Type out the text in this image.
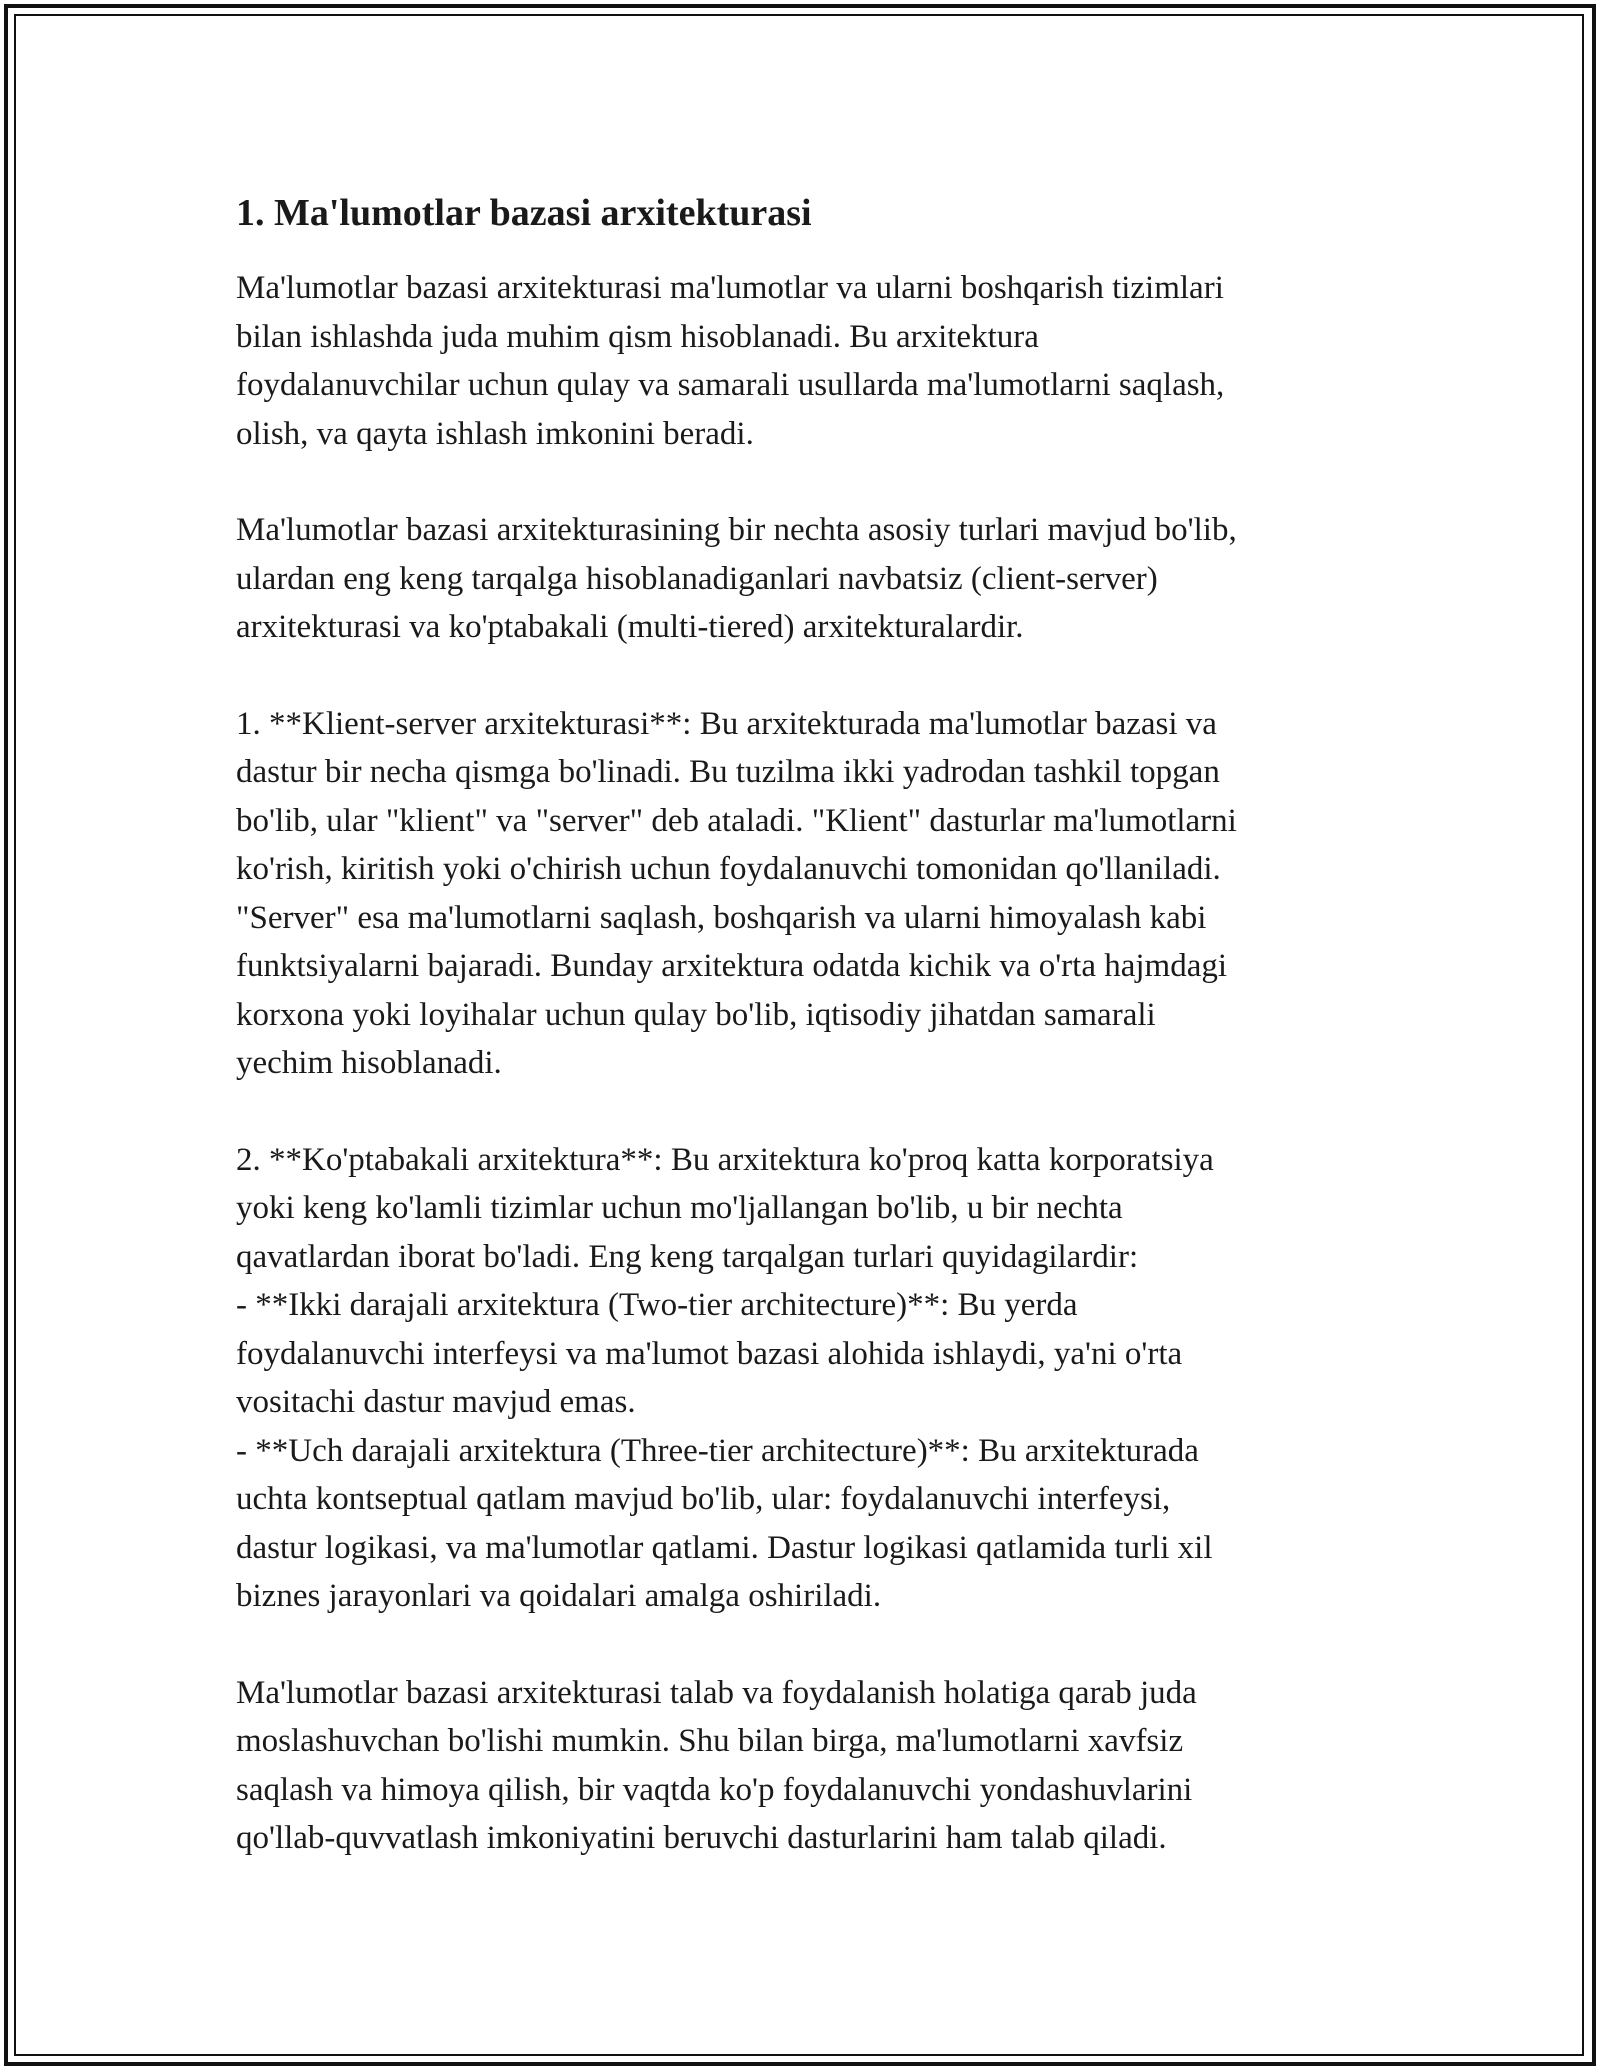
1. Ma'lumotlar bazasi arxitekturasi

Ma'lumotlar bazasi arxitekturasi ma'lumotlar va ularni boshqarish tizimlari
bilan ishlashda juda muhim qism hisoblanadi. Bu arxitektura
foydalanuvchilar uchun qulay va samarali usullarda ma'lumotlarni saqlash,
olish, va qayta ishlash imkonini beradi.

Ma'lumotlar bazasi arxitekturasining bir nechta asosiy turlari mavjud bo'lib,
ulardan eng keng tarqalga hisoblanadiganlari navbatsiz (client-server)
arxitekturasi va ko'ptabakali (multi-tiered) arxitekturalardir.

1. **Klient-server arxitekturasi**: Bu arxitekturada ma'lumotlar bazasi va
dastur bir necha qismga bo'linadi. Bu tuzilma ikki yadrodan tashkil topgan
bo'lib, ular "klient" va "server" deb ataladi. "Klient" dasturlar ma'lumotlarni
ko'rish, kiritish yoki o'chirish uchun foydalanuvchi tomonidan qo'llaniladi.
"Server" esa ma'lumotlarni saqlash, boshqarish va ularni himoyalash kabi
funktsiyalarni bajaradi. Bunday arxitektura odatda kichik va o'rta hajmdagi
korxona yoki loyihalar uchun qulay bo'lib, iqtisodiy jihatdan samarali
yechim hisoblanadi.

2. **Ko'ptabakali arxitektura**: Bu arxitektura ko'proq katta korporatsiya
yoki keng ko'lamli tizimlar uchun mo'ljallangan bo'lib, u bir nechta
qavatlardan iborat bo'ladi. Eng keng tarqalgan turlari quyidagilardir:
- **Ikki darajali arxitektura (Two-tier architecture)**: Bu yerda
foydalanuvchi interfeysi va ma'lumot bazasi alohida ishlaydi, ya'ni o'rta
vositachi dastur mavjud emas.
- **Uch darajali arxitektura (Three-tier architecture)**: Bu arxitekturada
uchta kontseptual qatlam mavjud bo'lib, ular: foydalanuvchi interfeysi,
dastur logikasi, va ma'lumotlar qatlami. Dastur logikasi qatlamida turli xil
biznes jarayonlari va qoidalari amalga oshiriladi.

Ma'lumotlar bazasi arxitekturasi talab va foydalanish holatiga qarab juda
moslashuvchan bo'lishi mumkin. Shu bilan birga, ma'lumotlarni xavfsiz
saqlash va himoya qilish, bir vaqtda ko'p foydalanuvchi yondashuvlarini
qo'llab-quvvatlash imkoniyatini beruvchi dasturlarini ham talab qiladi.
